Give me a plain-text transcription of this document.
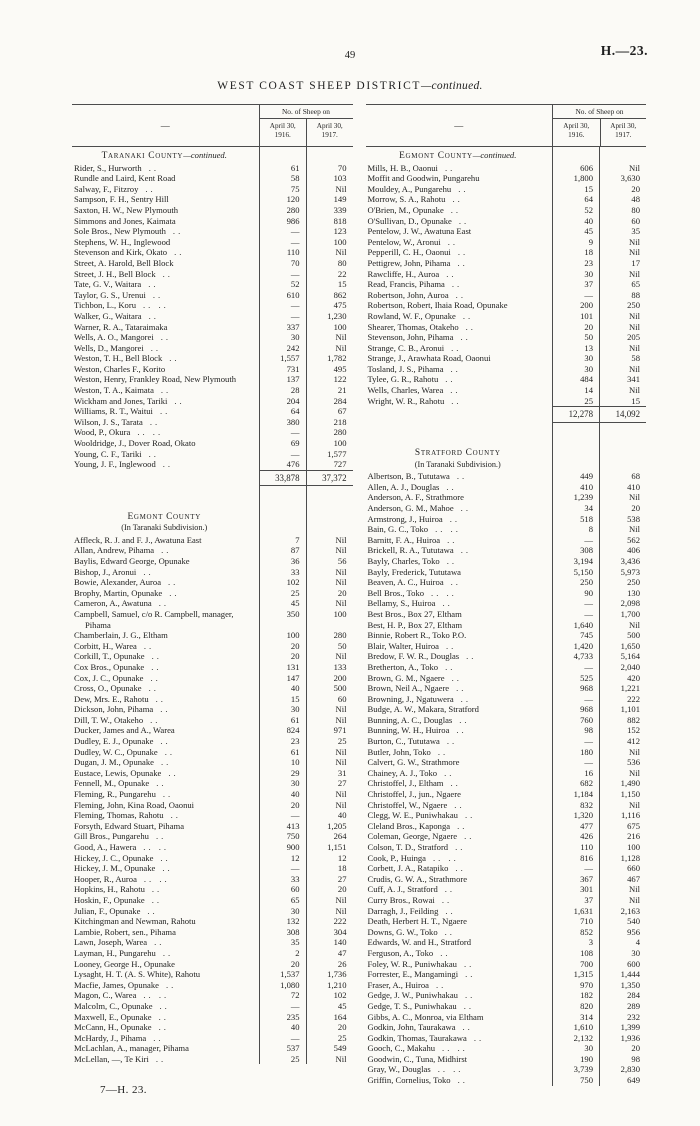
49	H.—23.
WEST COAST SHEEP DISTRICT—continued.
—
No. of Sheep on
April 30, 1916.
April 30, 1917.
Taranaki County—continued.
Rider, S., Hurworth ..	61	70
Rundle and Laird, Kent Road	58	103
Salway, F., Fitzroy ..	75	Nil
Sampson, F. H., Sentry Hill	120	149
Saxton, H. W., New Plymouth	280	339
Simmons and Jones, Kaimata	986	818
Sole Bros., New Plymouth ..	—	123
Stephens, W. H., Inglewood	—	100
Stevenson and Kirk, Okato ..	110	Nil
Street, A. Harold, Bell Block	70	80
Street, J. H., Bell Block ..	—	22
Tate, G. V., Waitara ..	52	15
Taylor, G. S., Urenui ..	610	862
Tichbon, L., Koru .. ..	—	475
Walker, G., Waitara ..	—	1,230
Warner, R. A., Tataraimaka	337	100
Wells, A. O., Mangorei ..	30	Nil
Wells, D., Mangorei ..	242	Nil
Weston, T. H., Bell Block ..	1,557	1,782
Weston, Charles F., Korito	731	495
Weston, Henry, Frankley Road, New Plymouth	137	122
Weston, T. A., Kaimata ..	28	21
Wickham and Jones, Tariki ..	204	284
Williams, R. T., Waitui ..	64	67
Wilson, J. S., Tarata ..	380	218
Wood, P., Okura .. ..	—	280
Wooldridge, J., Dover Road, Okato	69	100
Young, C. F., Tariki ..	—	1,577
Young, J. F., Inglewood ..	476	727
33,878	37,372
Egmont County
(In Taranaki Subdivision.)
Affleck, R. J. and F. J., Awatuna East	7	Nil
Allan, Andrew, Pihama ..	87	Nil
Baylis, Edward George, Opunake	36	56
Bishop, J., Aronui ..	33	Nil
Bowie, Alexander, Auroa ..	102	Nil
Brophy, Martin, Opunake ..	25	20
Cameron, A., Awatuna ..	45	Nil
Campbell, Samuel, c/o R. Campbell, manager, Pihama
350	100
Chamberlain, J. G., Eltham	100	280
Corbitt, H., Warea ..	20	50
Corkill, T., Opunake ..	20	Nil
Cox Bros., Opunake ..	131	133
Cox, J. C., Opunake ..	147	200
Cross, O., Opunake ..	40	500
Dew, Mrs. E., Rahotu ..	15	60
Dickson, John, Pihama ..	30	Nil
Dill, T. W., Otakeho ..	61	Nil
Ducker, James and A., Warea	824	971
Dudley, E. J., Opunake ..	23	25
Dudley, W. C., Opunake ..	61	Nil
Dugan, J. M., Opunake ..	10	Nil
Eustace, Lewis, Opunake ..	29	31
Fennell, M., Opunake ..	30	27
Fleming, R., Pungarehu ..	40	Nil
Fleming, John, Kina Road, Oaonui	20	Nil
Fleming, Thomas, Rahotu ..	—	40
Forsyth, Edward Stuart, Pihama	413	1,205
Gill Bros., Pungarehu ..	750	264
Good, A., Hawera .. ..	900	1,151
Hickey, J. C., Opunake ..	12	12
Hickey, J. M., Opunake ..	—	18
Hooper, R., Auroa .. ..	33	27
Hopkins, H., Rahotu ..	60	20
Hoskin, F., Opunake ..	65	Nil
Julian, F., Opunake ..	30	Nil
Kitchingman and Newman, Rahotu	132	222
Lambie, Robert, sen., Pihama	308	304
Lawn, Joseph, Warea ..	35	140
Layman, H., Pungarehu ..	2	47
Looney, George H., Opunake	20	26
Lysaght, H. T. (A. S. White), Rahotu	1,537	1,736
Macfie, James, Opunake ..	1,080	1,210
Magon, C., Warea .. ..	72	102
Malcolm, C., Opunake ..	—	45
Maxwell, E., Opunake ..	235	164
McCann, H., Opunake ..	40	20
McHardy, J., Pihama ..	—	25
McLachlan, A., manager, Pihama	537	549
McLellan, —, Te Kiri ..	25	Nil
—
No. of Sheep on
April 30, 1916.
April 30, 1917.
Egmont County—continued.
Mills, H. B., Oaonui ..	606	Nil
Moffit and Goodwin, Pungarehu	1,800	3,630
Mouldey, A., Pungarehu ..	15	20
Morrow, S. A., Rahotu ..	64	48
O'Brien, M., Opunake ..	52	80
O'Sullivan, D., Opunake ..	40	60
Pentelow, J. W., Awatuna East	45	35
Pentelow, W., Aronui ..	9	Nil
Pepperill, C. H., Oaonui ..	18	Nil
Pettigrew, John, Pihama ..	23	17
Rawcliffe, H., Auroa ..	30	Nil
Read, Francis, Pihama ..	37	65
Robertson, John, Auroa ..	—	88
Robertson, Robert, Ihaia Road, Opunake	200	250
Rowland, W. F., Opunake ..	101	Nil
Shearer, Thomas, Otakeho ..	20	Nil
Stevenson, John, Pihama ..	50	205
Strange, C. B., Aronui ..	13	Nil
Strange, J., Arawhata Road, Oaonui	30	58
Tosland, J. S., Pihama ..	30	Nil
Tylee, G. R., Rahotu ..	484	341
Wells, Charles, Warea ..	14	Nil
Wright, W. R., Rahotu ..	25	15
12,278	14,092
Stratford County
(In Taranaki Subdivision.)
Albertson, B., Tututawa ..	449	68
Allen, A. J., Douglas ..	410	410
Anderson, A. F., Strathmore	1,239	Nil
Anderson, G. M., Mahoe ..	34	20
Armstrong, J., Huiroa ..	518	538
Bain, G. C., Toko .. ..	8	Nil
Barnitt, F. A., Huiroa ..	—	562
Brickell, R. A., Tututawa ..	308	406
Bayly, Charles, Toko ..	3,194	3,436
Bayly, Frederick, Tututawa	5,150	5,973
Beaven, A. C., Huiroa ..	250	250
Bell Bros., Toko .. ..	90	130
Bellamy, S., Huiroa ..	—	2,098
Best Bros., Box 27, Eltham	—	1,700
Best, H. P., Box 27, Eltham	1,640	Nil
Binnie, Robert R., Toko P.O.	745	500
Blair, Walter, Huiroa ..	1,420	1,650
Bredow, F. W. R., Douglas ..	4,733	5,164
Bretherton, A., Toko ..	—	2,040
Brown, G. M., Ngaere ..	525	420
Brown, Neil A., Ngaere ..	968	1,221
Browning, J., Ngatuwera ..	—	222
Budge, A. W., Makara, Stratford	968	1,101
Bunning, A. C., Douglas ..	760	882
Bunning, W. H., Huiroa ..	98	152
Burton, C., Tututawa ..	—	412
Butler, John, Toko ..	180	Nil
Calvert, G. W., Strathmore	—	536
Chainey, A. J., Toko ..	16	Nil
Christoffel, J., Eltham ..	682	1,490
Christoffel, J., jun., Ngaere	1,184	1,150
Christoffel, W., Ngaere ..	832	Nil
Clegg, W. E., Puniwhakau ..	1,320	1,116
Cleland Bros., Kaponga ..	477	675
Coleman, George, Ngaere ..	426	216
Colson, T. D., Stratford ..	110	100
Cook, P., Huinga .. ..	816	1,128
Corbett, J. A., Ratapiko ..	—	660
Crudis, G. W. A., Strathmore	367	467
Cuff, A. J., Stratford ..	301	Nil
Curry Bros., Rowai ..	37	Nil
Darragh, J., Feilding ..	1,631	2,163
Death, Herbert H. T., Ngaere	710	540
Downs, G. W., Toko ..	852	956
Edwards, W. and H., Stratford	3	4
Ferguson, A., Toko ..	108	30
Foley, W. R., Puniwhakau ..	700	600
Forrester, E., Mangamingi ..	1,315	1,444
Fraser, A., Huiroa ..	970	1,350
Gedge, J. W., Puniwhakau ..	182	284
Gedge, T. S., Puniwhakau ..	820	289
Gibbs, A. C., Monroa, via Eltham	314	232
Godkin, John, Taurakawa ..	1,610	1,399
Godkin, Thomas, Taurakawa ..	2,132	1,936
Gooch, C., Makahu .. ..	30	20
Goodwin, C., Tuna, Midhirst	190	98
Gray, W., Douglas .. ..	3,739	2,830
Griffin, Cornelius, Toko ..	750	649
7—H. 23.
